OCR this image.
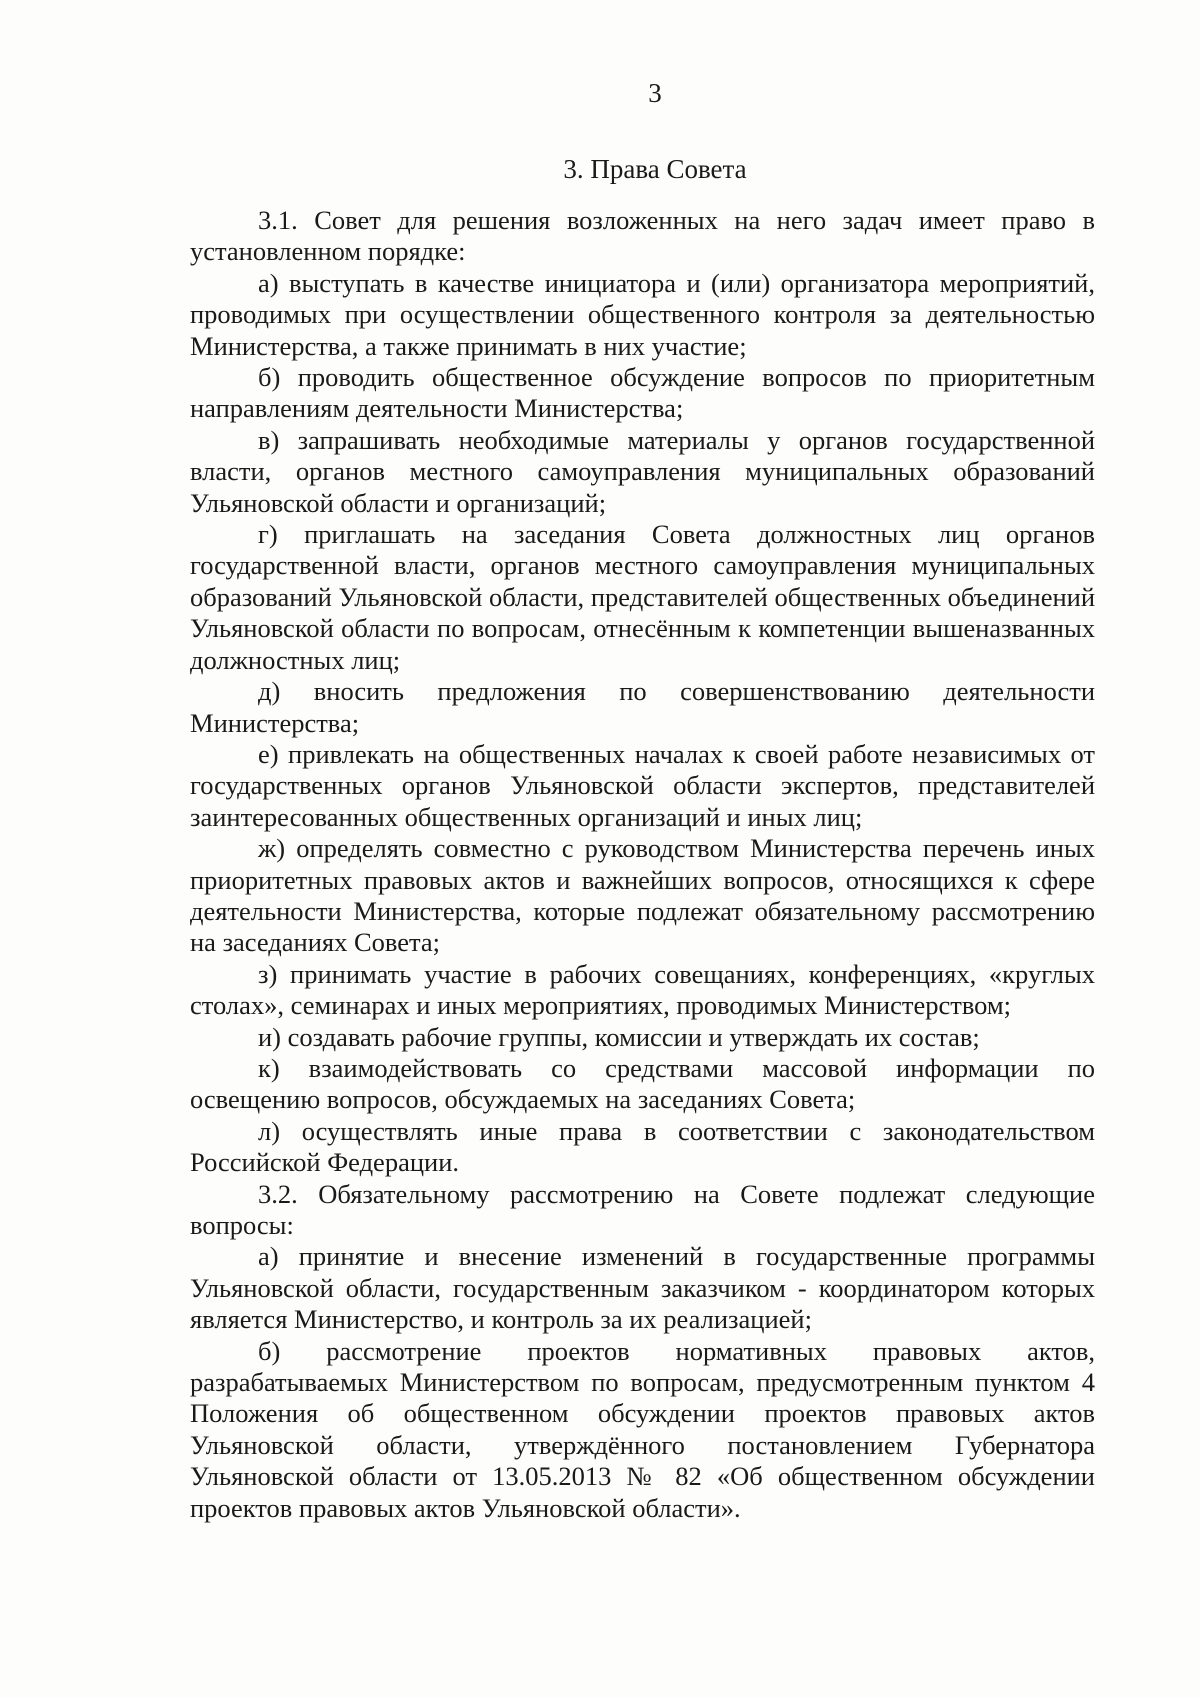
3
3. Права Совета

3.1. Совет для решения возложенных на него задач имеет право в установленном порядке:

а) выступать в качестве инициатора и (или) организатора мероприятий, проводимых при осуществлении общественного контроля за деятельностью Министерства, а также принимать в них участие;

б) проводить общественное обсуждение вопросов по приоритетным направлениям деятельности Министерства;

в) запрашивать необходимые материалы у органов государственной власти, органов местного самоуправления муниципальных образований Ульяновской области и организаций;

г) приглашать на заседания Совета должностных лиц органов государственной власти, органов местного самоуправления муниципальных образований Ульяновской области, представителей общественных объединений Ульяновской области по вопросам, отнесённым к компетенции вышеназванных должностных лиц;

д) вносить предложения по совершенствованию деятельности Министерства;

е) привлекать на общественных началах к своей работе независимых от государственных органов Ульяновской области экспертов, представителей заинтересованных общественных организаций и иных лиц;

ж) определять совместно с руководством Министерства перечень иных приоритетных правовых актов и важнейших вопросов, относящихся к сфере деятельности Министерства, которые подлежат обязательному рассмотрению на заседаниях Совета;

з) принимать участие в рабочих совещаниях, конференциях, «круглых столах», семинарах и иных мероприятиях, проводимых Министерством;

и) создавать рабочие группы, комиссии и утверждать их состав;

к) взаимодействовать со средствами массовой информации по освещению вопросов, обсуждаемых на заседаниях Совета;

л) осуществлять иные права в соответствии с законодательством Российской Федерации.

3.2. Обязательному рассмотрению на Совете подлежат следующие вопросы:

а) принятие и внесение изменений в государственные программы Ульяновской области, государственным заказчиком - координатором которых является Министерство, и контроль за их реализацией;

б) рассмотрение проектов нормативных правовых актов, разрабатываемых Министерством по вопросам, предусмотренным пунктом 4 Положения об общественном обсуждении проектов правовых актов Ульяновской области, утверждённого постановлением Губернатора Ульяновской области от 13.05.2013 № 82 «Об общественном обсуждении проектов правовых актов Ульяновской области».
